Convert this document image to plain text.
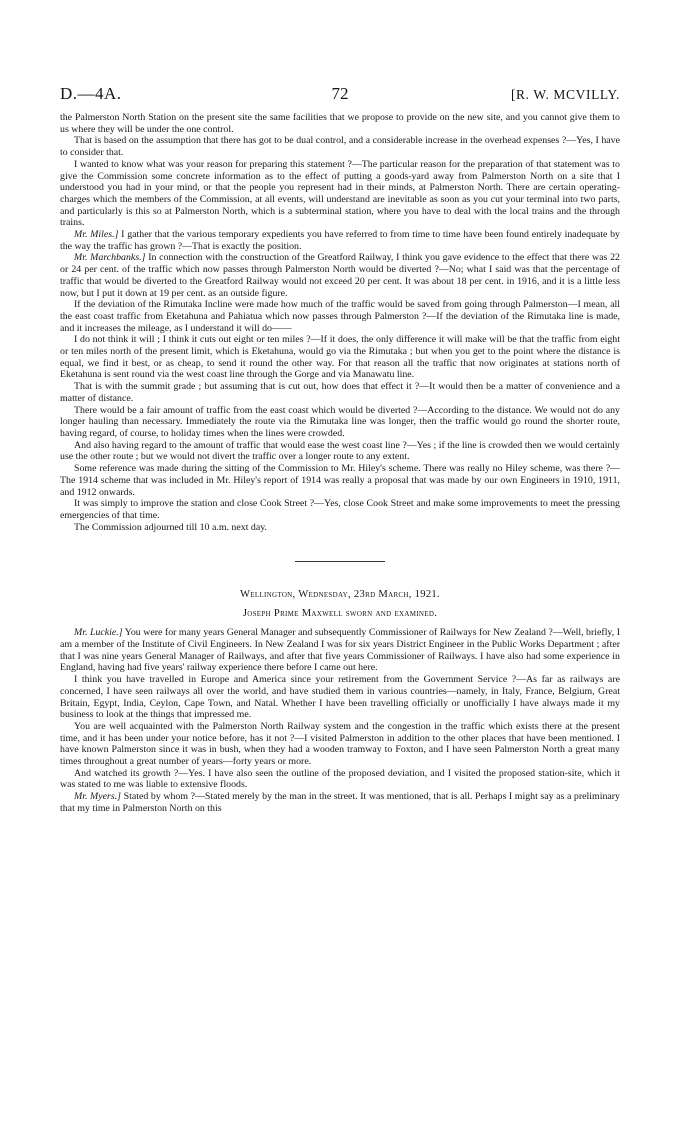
D.—4A.	72	[R. W. MCVILLY.

the Palmerston North Station on the present site the same facilities that we propose to provide on the new site, and you cannot give them to us where they will be under the one control.

That is based on the assumption that there has got to be dual control, and a considerable increase in the overhead expenses ?—Yes, I have to consider that.

I wanted to know what was your reason for preparing this statement ?—The particular reason for the preparation of that statement was to give the Commission some concrete information as to the effect of putting a goods-yard away from Palmerston North on a site that I understood you had in your mind, or that the people you represent had in their minds, at Palmerston North. There are certain operating-charges which the members of the Commission, at all events, will understand are inevitable as soon as you cut your terminal into two parts, and particularly is this so at Palmerston North, which is a subterminal station, where you have to deal with the local trains and the through trains.

Mr. Miles.] I gather that the various temporary expedients you have referred to from time to time have been found entirely inadequate by the way the traffic has grown ?—That is exactly the position.

Mr. Marchbanks.] In connection with the construction of the Greatford Railway, I think you gave evidence to the effect that there was 22 or 24 per cent. of the traffic which now passes through Palmerston North would be diverted ?—No; what I said was that the percentage of traffic that would be diverted to the Greatford Railway would not exceed 20 per cent. It was about 18 per cent. in 1916, and it is a little less now, but I put it down at 19 per cent. as an outside figure.

If the deviation of the Rimutaka Incline were made how much of the traffic would be saved from going through Palmerston—I mean, all the east coast traffic from Eketahuna and Pahiatua which now passes through Palmerston ?—If the deviation of the Rimutaka line is made, and it increases the mileage, as I understand it will do——

I do not think it will ; I think it cuts out eight or ten miles ?—If it does, the only difference it will make will be that the traffic from eight or ten miles north of the present limit, which is Eketahuna, would go via the Rimutaka ; but when you get to the point where the distance is equal, we find it best, or as cheap, to send it round the other way. For that reason all the traffic that now originates at stations north of Eketahuna is sent round via the west coast line through the Gorge and via Manawatu line.

That is with the summit grade ; but assuming that is cut out, how does that effect it ?—It would then be a matter of convenience and a matter of distance.

There would be a fair amount of traffic from the east coast which would be diverted ?—According to the distance. We would not do any longer hauling than necessary. Immediately the route via the Rimutaka line was longer, then the traffic would go round the shorter route, having regard, of course, to holiday times when the lines were crowded.

And also having regard to the amount of traffic that would ease the west coast line ?—Yes ; if the line is crowded then we would certainly use the other route ; but we would not divert the traffic over a longer route to any extent.

Some reference was made during the sitting of the Commission to Mr. Hiley's scheme. There was really no Hiley scheme, was there ?—The 1914 scheme that was included in Mr. Hiley's report of 1914 was really a proposal that was made by our own Engineers in 1910, 1911, and 1912 onwards.

It was simply to improve the station and close Cook Street ?—Yes, close Cook Street and make some improvements to meet the pressing emergencies of that time.

The Commission adjourned till 10 a.m. next day.

Wellington, Wednesday, 23rd March, 1921.
Joseph Prime Maxwell sworn and examined.

Mr. Luckie.] You were for many years General Manager and subsequently Commissioner of Railways for New Zealand ?—Well, briefly, I am a member of the Institute of Civil Engineers. In New Zealand I was for six years District Engineer in the Public Works Department ; after that I was nine years General Manager of Railways, and after that five years Commissioner of Railways. I have also had some experience in England, having had five years' railway experience there before I came out here.

I think you have travelled in Europe and America since your retirement from the Government Service ?—As far as railways are concerned, I have seen railways all over the world, and have studied them in various countries—namely, in Italy, France, Belgium, Great Britain, Egypt, India, Ceylon, Cape Town, and Natal. Whether I have been travelling officially or unofficially I have always made it my business to look at the things that impressed me.

You are well acquainted with the Palmerston North Railway system and the congestion in the traffic which exists there at the present time, and it has been under your notice before, has it not ?—I visited Palmerston in addition to the other places that have been mentioned. I have known Palmerston since it was in bush, when they had a wooden tramway to Foxton, and I have seen Palmerston North a great many times throughout a great number of years—forty years or more.

And watched its growth ?—Yes. I have also seen the outline of the proposed deviation, and I visited the proposed station-site, which it was stated to me was liable to extensive floods.

Mr. Myers.] Stated by whom ?—Stated merely by the man in the street. It was mentioned, that is all. Perhaps I might say as a preliminary that my time in Palmerston North on this
